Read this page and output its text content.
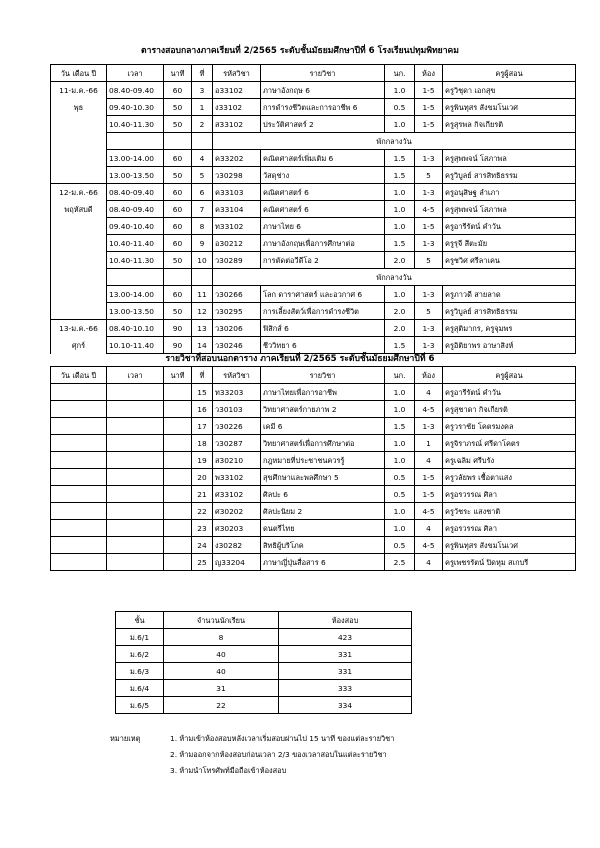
ตารางสอบกลางภาคเรียนที่ 2/2565 ระดับชั้นมัธยมศึกษาปีที่ 6 โรงเรียนปทุมพิทยาคม
วัน เดือน ปี	เวลา	นาที	ที่	รหัสวิชา	รายวิชา	นก.	ห้อง	ครูผู้สอน
11-ม.ค.-66	08.40-09.40	60	3	อ33102	ภาษาอังกฤษ 6	1.0	1-5	ครูวิชุดา เอกสุข
พุธ	09.40-10.30	50	1	ง33102	การดำรงชีวิตและการอาชีพ 6	0.5	1-5	ครูพินทุสร สังขมโนเวศ
	10.40-11.30	50	2	ส33102	ประวัติศาสตร์ 2	1.0	1-5	ครูสุรพล กิจเกียรติ
				พักกลางวัน				
	13.00-14.00	60	4	ค33202	คณิตศาสตร์เพิ่มเติม 6	1.5	1-3	ครูสุพพจน์ โสภาพล
	13.00-13.50	50	5	ว30298	วัสดุช่าง	1.5	5	ครูวิบูลย์ สารสิทธิธรรม
12-ม.ค.-66	08.40-09.40	60	6	ค33103	คณิตศาสตร์ 6	1.0	1-3	ครูอนุสิษฐ ลำเภา
พฤหัสบดี	08.40-09.40	60	7	ค33104	คณิตศาสตร์ 6	1.0	4-5	ครูสุพพจน์ โสภาพล
	09.40-10.40	60	8	ท33102	ภาษาไทย 6	1.0	1-5	ครูอารีรัตน์ คำวัน
	10.40-11.40	60	9	อ30212	ภาษาอังกฤษเพื่อการศึกษาต่อ	1.5	1-3	ครูรุจี สีตะมัย
	10.40-11.30	50	10	ว30289	การตัดต่อวีดีโอ 2	2.0	5	ครูชวิศ ศรีลาเคน
				พักกลางวัน				
	13.00-14.00	60	11	ว30266	โลก ดาราศาสตร์ และอวกาศ 6	1.0	1-3	ครูภาวดี สายลาด
	13.00-13.50	50	12	ว30295	การเลี้ยงสัตว์เพื่อการดำรงชีวิต	2.0	5	ครูวิบูลย์ สารสิทธิธรรม
13-ม.ค.-66	08.40-10.10	90	13	ว30206	ฟิสิกส์ 6	2.0	1-3	ครูสุติมากร, ครูจุมพร
ศุกร์	10.10-11.40	90	14	ว30246	ชีววิทยา 6	1.5	1-3	ครูอิติยาพร อาษาสิงห์
รายวิชาที่สอบนอกตาราง ภาคเรียนที่ 2/2565 ระดับชั้นมัธยมศึกษาปีที่ 6
วัน เดือน ปี	เวลา	นาที	ที่	รหัสวิชา	รายวิชา	นก.	ห้อง	ครูผู้สอน
			15	ท33203	ภาษาไทยเพื่อการอาชีพ	1.0	4	ครูอารีรัตน์ คำวัน
			16	ว30103	วิทยาศาสตร์กายภาพ 2	1.0	4-5	ครูสุชาดา กิจเกียรติ
			17	ว30226	เคมี 6	1.5	1-3	ครูวราชัย โคตรมงคล
			18	ว30287	วิทยาศาสตร์เพื่อการศึกษาต่อ	1.0	1	ครูจิราภรณ์ ศรีดาโคตร
			19	ส30210	กฎหมายที่ประชาชนควรรู้	1.0	4	ครูเฉลิม ศรีบรัง
			20	พ33102	สุขศึกษาและพลศึกษา 5	0.5	1-5	ครูวลัยพร เชื้อตาแสง
			21	ศ33102	ศิลปะ 6	0.5	1-5	ครูอรวรรณ ศิลา
			22	ศ30202	ศิลปะนิยม 2	1.0	4-5	ครูวัชระ แสงชาติ
			23	ศ30203	ดนตรีไทย	1.0	4	ครูอรวรรณ ศิลา
			24	ง30282	สิทธิผู้บริโภค	0.5	4-5	ครูพินทุสร สังขมโนเวศ
			25	ญ33204	ภาษาญี่ปุ่นสื่อสาร 6	2.5	4	ครูเพชรรัตน์ ปิดหุม สเกบรี
ชั้น	จำนวนนักเรียน	ห้องสอบ
ม.6/1	8	423
ม.6/2	40	331
ม.6/3	40	331
ม.6/4	31	333
ม.6/5	22	334
หมายเหตุ	1. ห้ามเข้าห้องสอบหลังเวลาเริ่มสอบผ่านไป 15 นาที ของแต่ละรายวิชา
2. ห้ามออกจากห้องสอบก่อนเวลา 2/3 ของเวลาสอบในแต่ละรายวิชา
3. ห้ามนำโทรศัพท์มือถือเข้าห้องสอบ
